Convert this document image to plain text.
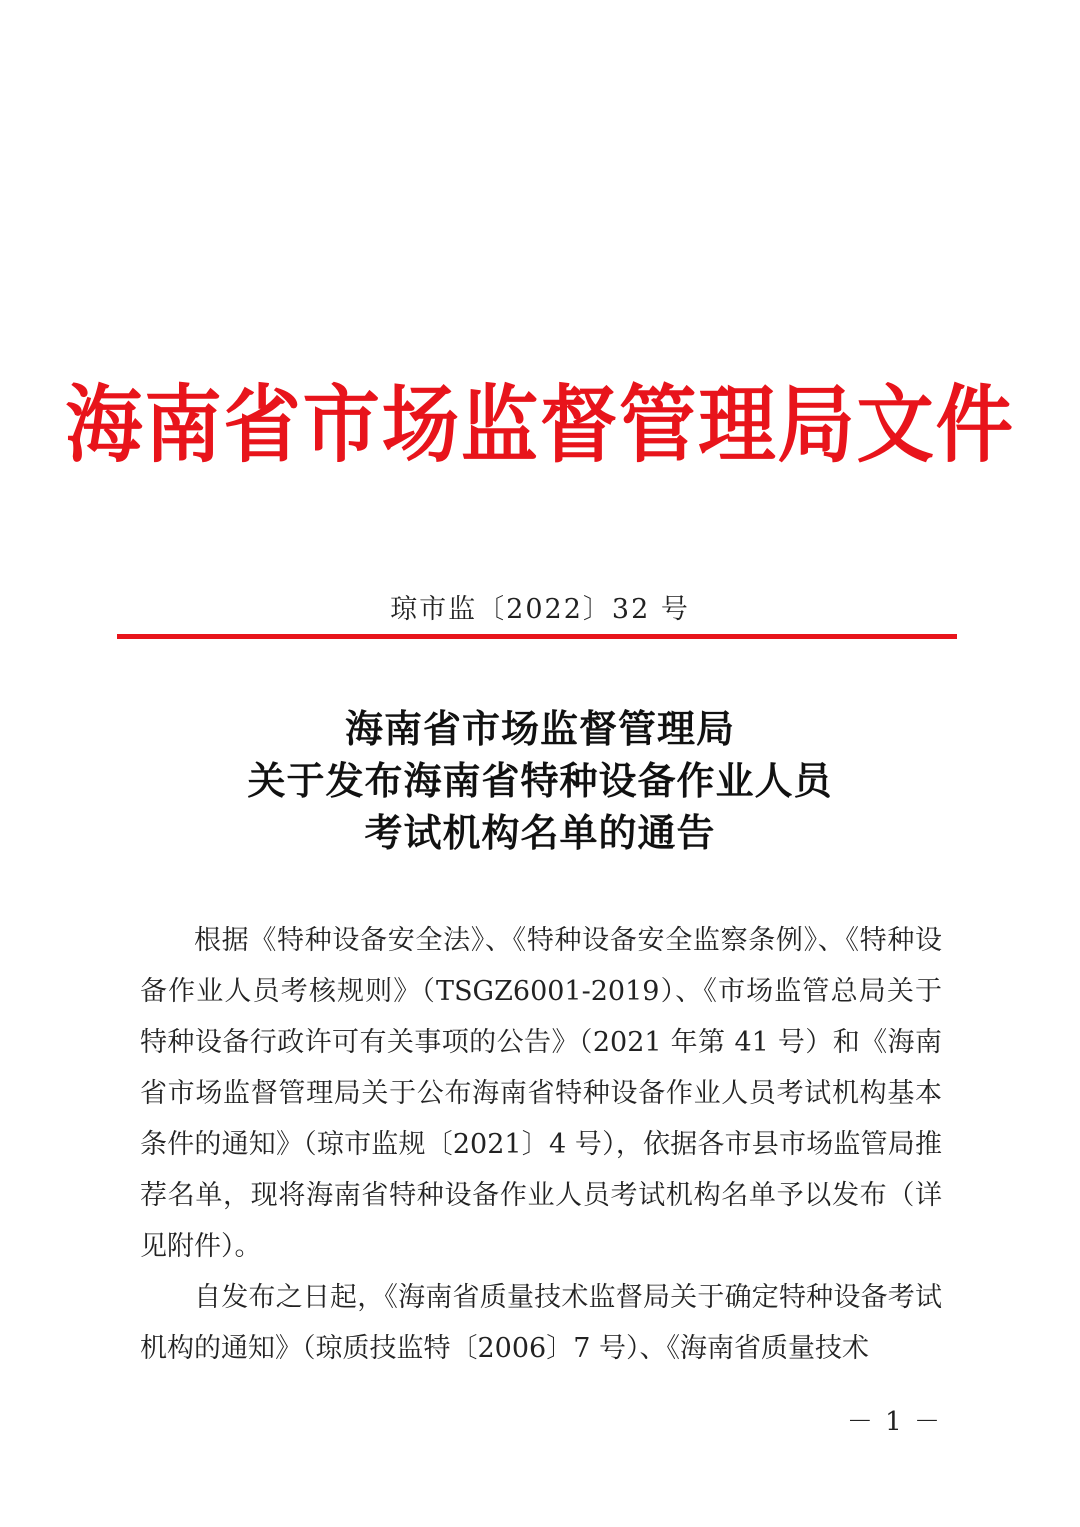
海南省市场监督管理局文件
琼市监〔2022〕32 号
海南省市场监督管理局
关于发布海南省特种设备作业人员
考试机构名单的通告

根据《特种设备安全法》、《特种设备安全监察条例》、《特种设备作业人员考核规则》（TSGZ6001-2019）、《市场监管总局关于特种设备行政许可有关事项的公告》（2021 年第 41 号）和《海南省市场监督管理局关于公布海南省特种设备作业人员考试机构基本条件的通知》（琼市监规〔2021〕4 号），依据各市县市场监管局推荐名单，现将海南省特种设备作业人员考试机构名单予以发布（详见附件）。

自发布之日起，《海南省质量技术监督局关于确定特种设备考试机构的通知》（琼质技监特〔2006〕7 号）、《海南省质量技术

－ 1 －
